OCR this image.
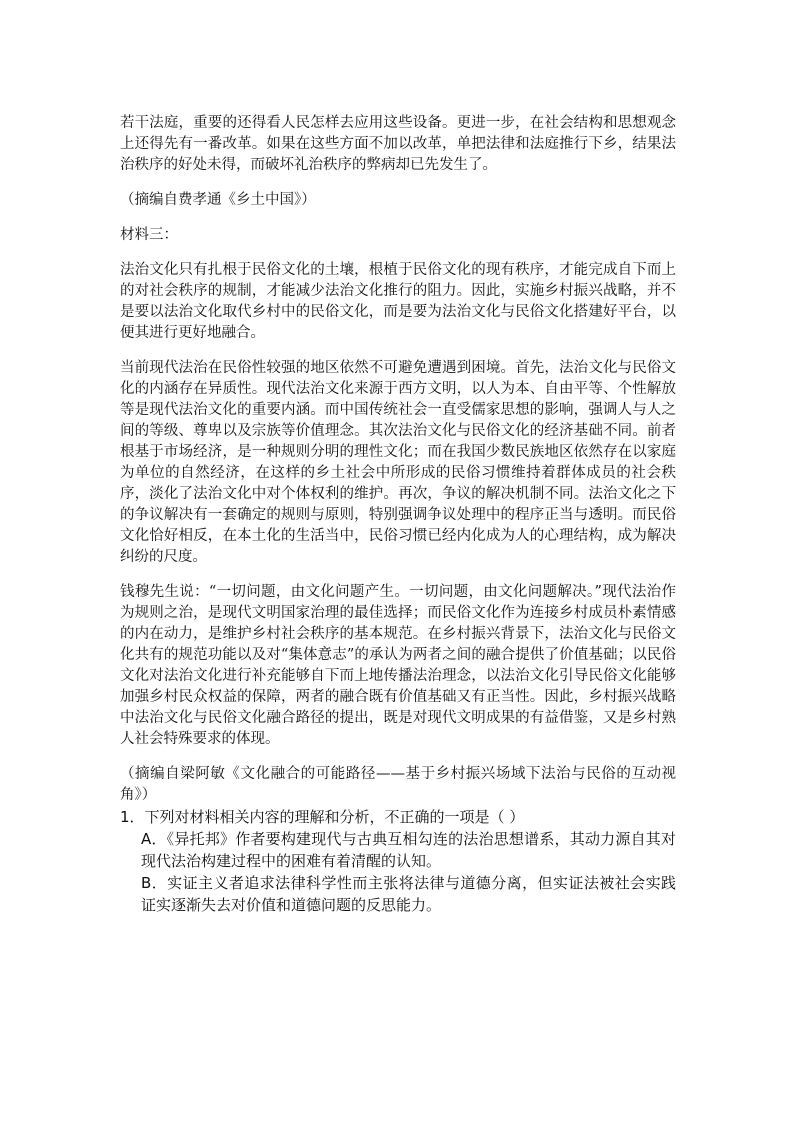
若干法庭，重要的还得看人民怎样去应用这些设备。更进一步，在社会结构和思想观念上还得先有一番改革。如果在这些方面不加以改革，单把法律和法庭推行下乡，结果法治秩序的好处未得，而破坏礼治秩序的弊病却已先发生了。

（摘编自费孝通《乡土中国》）

材料三：

法治文化只有扎根于民俗文化的土壤，根植于民俗文化的现有秩序，才能完成自下而上的对社会秩序的规制，才能减少法治文化推行的阻力。因此，实施乡村振兴战略，并不是要以法治文化取代乡村中的民俗文化，而是要为法治文化与民俗文化搭建好平台，以便其进行更好地融合。

当前现代法治在民俗性较强的地区依然不可避免遭遇到困境。首先，法治文化与民俗文化的内涵存在异质性。现代法治文化来源于西方文明，以人为本、自由平等、个性解放等是现代法治文化的重要内涵。而中国传统社会一直受儒家思想的影响，强调人与人之间的等级、尊卑以及宗族等价值理念。其次法治文化与民俗文化的经济基础不同。前者根基于市场经济，是一种规则分明的理性文化；而在我国少数民族地区依然存在以家庭为单位的自然经济，在这样的乡土社会中所形成的民俗习惯维持着群体成员的社会秩序，淡化了法治文化中对个体权利的维护。再次，争议的解决机制不同。法治文化之下的争议解决有一套确定的规则与原则，特别强调争议处理中的程序正当与透明。而民俗文化恰好相反，在本土化的生活当中，民俗习惯已经内化成为人的心理结构，成为解决纠纷的尺度。

钱穆先生说：“一切问题，由文化问题产生。一切问题，由文化问题解决。”现代法治作为规则之治，是现代文明国家治理的最佳选择；而民俗文化作为连接乡村成员朴素情感的内在动力，是维护乡村社会秩序的基本规范。在乡村振兴背景下，法治文化与民俗文化共有的规范功能以及对“集体意志”的承认为两者之间的融合提供了价值基础；以民俗文化对法治文化进行补充能够自下而上地传播法治理念，以法治文化引导民俗文化能够加强乡村民众权益的保障，两者的融合既有价值基础又有正当性。因此，乡村振兴战略中法治文化与民俗文化融合路径的提出，既是对现代文明成果的有益借鉴，又是乡村熟人社会特殊要求的体现。

（摘编自梁阿敏《文化融合的可能路径——基于乡村振兴场域下法治与民俗的互动视角》）

1．下列对材料相关内容的理解和分析，不正确的一项是（ ）

A．《异托邦》作者要构建现代与古典互相勾连的法治思想谱系，其动力源自其对现代法治构建过程中的困难有着清醒的认知。

B．实证主义者追求法律科学性而主张将法律与道德分离，但实证法被社会实践证实逐渐失去对价值和道德问题的反思能力。
